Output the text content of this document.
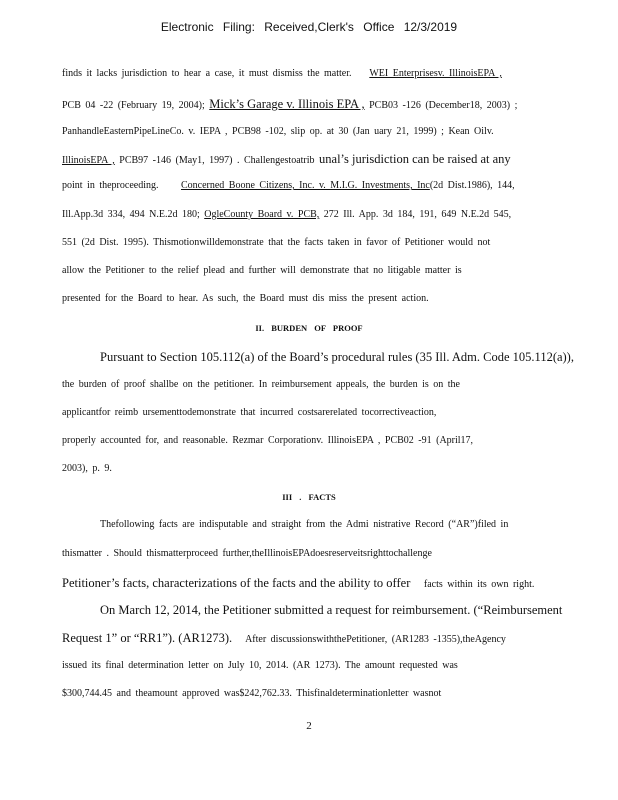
Electronic Filing: Received,Clerk's Office 12/3/2019
finds it lacks jurisdiction to hear a case, it must dismiss the matter. WEI Enterprisesv. IllinoisEPA ,
PCB 04 -22 (February 19, 2004); Mick’s Garage v. Illinois EPA , PCB03 -126 (December18, 2003) ;
PanhandleEasternPipeLineCo. v. IEPA , PCB98 -102, slip op. at 30 (Jan uary 21, 1999) ; Kean Oilv.
IllinoisEPA , PCB97 -146 (May1, 1997) . Challengestoatrib unal’s jurisdiction can be raised at any
point in theproceeding. Concerned Boone Citizens, Inc. v. M.I.G. Investments, Inc(2d Dist.1986), 144,
Ill.App.3d 334, 494 N.E.2d 180; OgleCounty Board v. PCB, 272 Ill. App. 3d 184, 191, 649 N.E.2d 545,
551 (2d Dist. 1995). Thismotionwilldemonstrate that the facts taken in favor of Petitioner would not
allow the Petitioner to the relief plead and further will demonstrate that no litigable matter is
presented for the Board to hear. As such, the Board must dis miss the present action.
II. BURDEN OF PROOF
Pursuant to Section 105.112(a) of the Board’s procedural rules (35 Ill. Adm. Code 105.112(a)),
the burden of proof shallbe on the petitioner. In reimbursement appeals, the burden is on the
applicantfor reimb ursementtodemonstrate that incurred costsarerelated tocorrectiveaction,
properly accounted for, and reasonable. Rezmar Corporationv. IllinoisEPA , PCB02 -91 (April17,
2003), p. 9.
III . FACTS
Thefollowing facts are indisputable and straight from the Admi nistrative Record (“AR”)filed in
thismatter . Should thismatterproceed further,theIllinoisEPAdoesreserveitsrighttochallenge
Petitioner’s facts, characterizations of the facts and the ability to offer facts within its own right.
On March 12, 2014, the Petitioner submitted a request for reimbursement. (“Reimbursement
Request 1” or “RR1”). (AR1273). After discussionswiththePetitioner, (AR1283 -1355),theAgency
issued its final determination letter on July 10, 2014. (AR 1273). The amount requested was
$300,744.45 and theamount approved was$242,762.33. Thisfinaldeterminationletter wasnot
2
